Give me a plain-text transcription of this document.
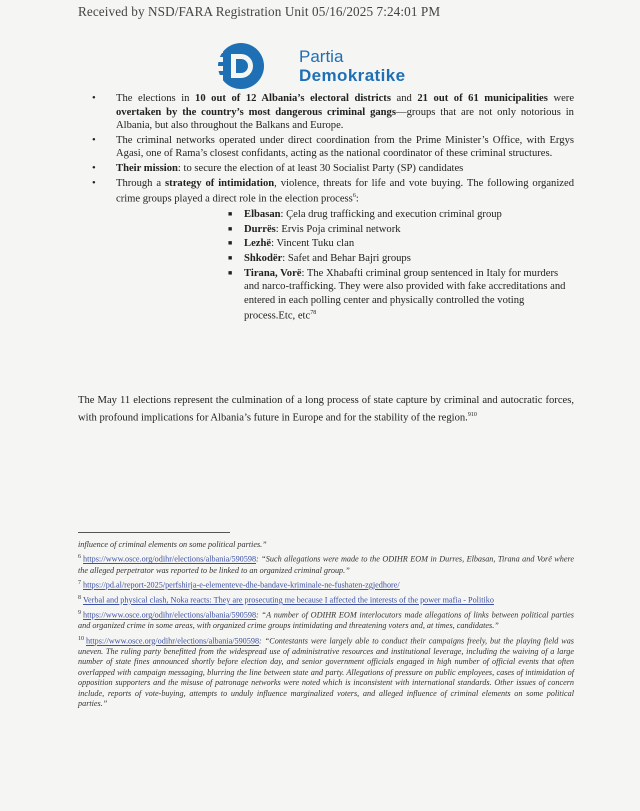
Received by NSD/FARA Registration Unit 05/16/2025 7:24:01 PM
Partia
Demokratike
• The elections in 10 out of 12 Albania’s electoral districts and 21 out of 61 municipalities were overtaken by the country’s most dangerous criminal gangs—groups that are not only notorious in Albania, but also throughout the Balkans and Europe.
• The criminal networks operated under direct coordination from the Prime Minister’s Office, with Ergys Agasi, one of Rama’s closest confidants, acting as the national coordinator of these criminal structures.
• Their mission: to secure the election of at least 30 Socialist Party (SP) candidates
• Through a strategy of intimidation, violence, threats for life and vote buying. The following organized crime groups played a direct role in the election process$^6$:
■ Elbasan: Çela drug trafficking and execution criminal group
■ Durrës: Ervis Poja criminal network
■ Lezhë: Vincent Tuku clan
■ Shkodër: Safet and Behar Bajri groups
■ Tirana, Vorë: The Xhabafti criminal group sentenced in Italy for murders and narco-trafficking. They were also provided with fake accreditations and entered in each polling center and physically controlled the voting process.Etc, etc$^{78}$
The May 11 elections represent the culmination of a long process of state capture by criminal and autocratic forces, with profound implications for Albania’s future in Europe and for the stability of the region.$^{910}$

influence of criminal elements on some political parties.”

$^6$ https://www.osce.org/odihr/elections/albania/590598: “Such allegations were made to the ODIHR EOM in Durres, Elbasan, Tirana and Vorë where the alleged perpetrator was reported to be linked to an organized criminal group.”

$^7$ https://pd.al/report-2025/perfshirja-e-elementeve-dhe-bandave-kriminale-ne-fushaten-zgjedhore/

$^8$ Verbal and physical clash, Noka reacts: They are prosecuting me because I affected the interests of the power mafia - Politiko

$^9$ https://www.osce.org/odihr/elections/albania/590598: “A number of ODIHR EOM interlocutors made allegations of links between political parties and organized crime in some areas, with organized crime groups intimidating and threatening voters and, at times, candidates.”

$^{10}$ https://www.osce.org/odihr/elections/albania/590598: “Contestants were largely able to conduct their campaigns freely, but the playing field was uneven. The ruling party benefitted from the widespread use of administrative resources and institutional leverage, including the waiving of a large number of state fines announced shortly before election day, and senior government officials engaged in high number of official events that often overlapped with campaign messaging, blurring the line between state and party. Allegations of pressure on public employees, cases of intimidation of opposition supporters and the misuse of patronage networks were noted which is inconsistent with international standards. Other issues of concern include, reports of vote-buying, attempts to unduly influence marginalized voters, and alleged influence of criminal elements on some political parties.”
